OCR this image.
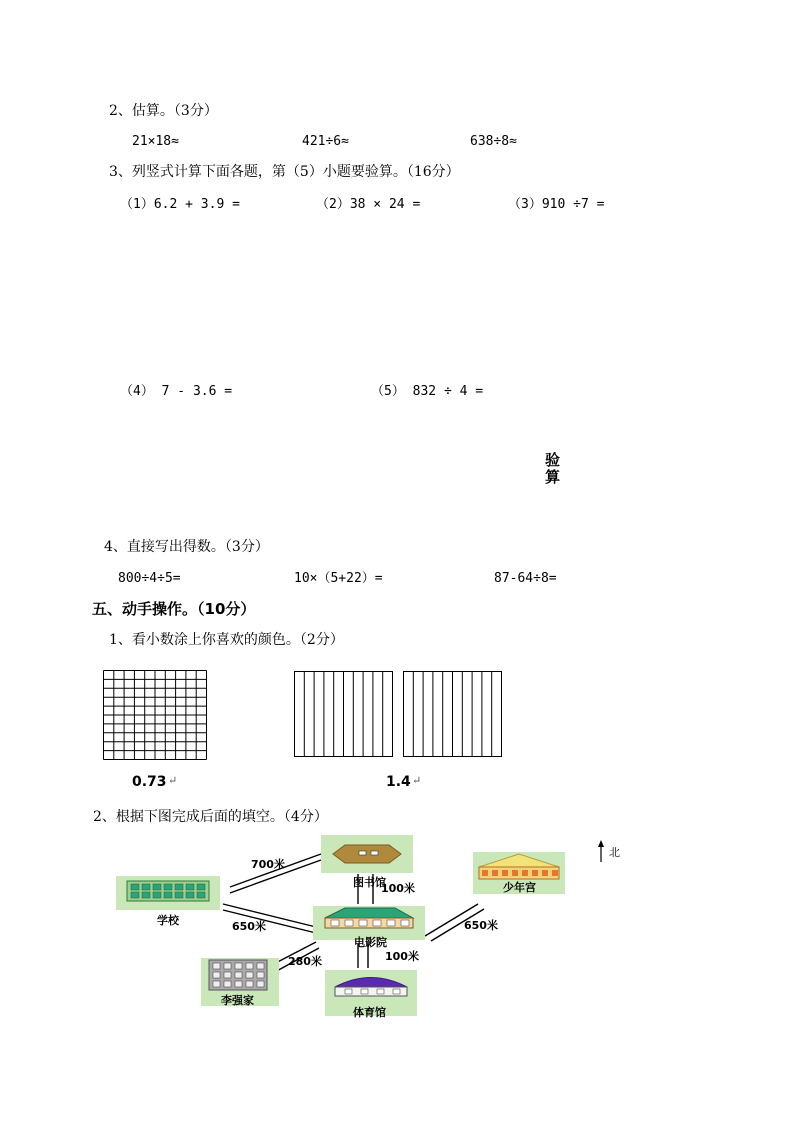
2、估算。（3分）
21×18≈	421÷6≈	638÷8≈
3、列竖式计算下面各题，第（5）小题要验算。（16分）
（1）6.2 + 3.9 =	（2）38 × 24 =	（3）910 ÷7 =
（4） 7 - 3.6 =	（5） 832 ÷ 4 =
验
算
4、直接写出得数。（3分）
800÷4÷5=	10×（5+22）=	87-64÷8=
五、动手操作。（10分）
1、看小数涂上你喜欢的颜色。（2分）
0.73 ↵	1.4 ↵
2、根据下图完成后面的填空。（4分）
图书馆
学校
少年宫
电影院
李强家
体育馆
700米
100米
650米	650米
280米	100米
北
